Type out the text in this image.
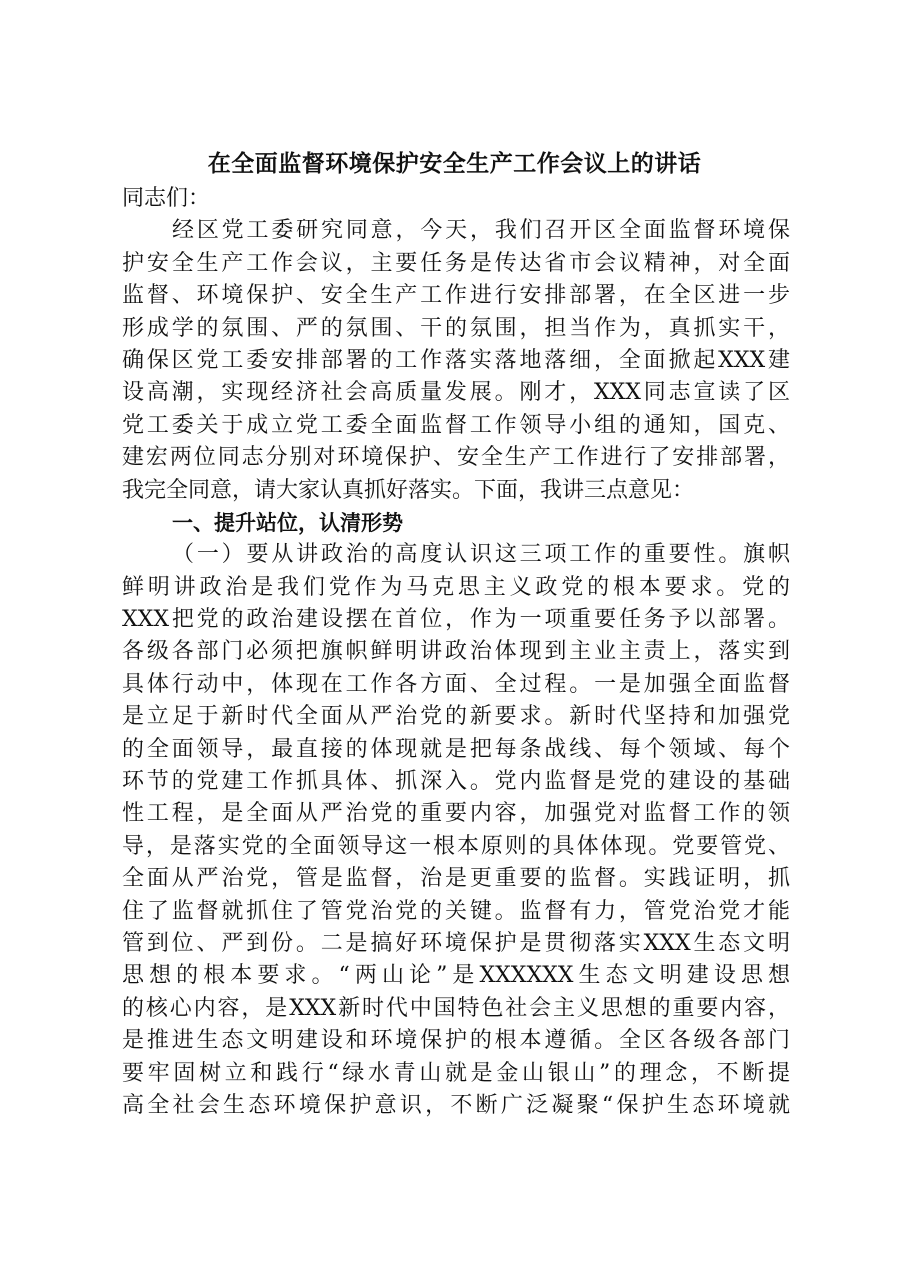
在全面监督环境保护安全生产工作会议上的讲话
同志们：
经区党工委研究同意，今天，我们召开区全面监督环境保
护安全生产工作会议，主要任务是传达省市会议精神，对全面
监督、环境保护、安全生产工作进行安排部署，在全区进一步
形成学的氛围、严的氛围、干的氛围，担当作为，真抓实干，
确保区党工委安排部署的工作落实落地落细，全面掀起XXX建
设高潮，实现经济社会高质量发展。刚才，XXX同志宣读了区
党工委关于成立党工委全面监督工作领导小组的通知，国克、
建宏两位同志分别对环境保护、安全生产工作进行了安排部署，
我完全同意，请大家认真抓好落实。下面，我讲三点意见：
一、提升站位，认清形势
（一）要从讲政治的高度认识这三项工作的重要性。旗帜
鲜明讲政治是我们党作为马克思主义政党的根本要求。党的
XXX把党的政治建设摆在首位，作为一项重要任务予以部署。
各级各部门必须把旗帜鲜明讲政治体现到主业主责上，落实到
具体行动中，体现在工作各方面、全过程。一是加强全面监督
是立足于新时代全面从严治党的新要求。新时代坚持和加强党
的全面领导，最直接的体现就是把每条战线、每个领域、每个
环节的党建工作抓具体、抓深入。党内监督是党的建设的基础
性工程，是全面从严治党的重要内容，加强党对监督工作的领
导，是落实党的全面领导这一根本原则的具体体现。党要管党、
全面从严治党，管是监督，治是更重要的监督。实践证明，抓
住了监督就抓住了管党治党的关键。监督有力，管党治党才能
管到位、严到份。二是搞好环境保护是贯彻落实XXX生态文明
思想的根本要求。“两山论”是XXXXXX生态文明建设思想
的核心内容，是XXX新时代中国特色社会主义思想的重要内容，
是推进生态文明建设和环境保护的根本遵循。全区各级各部门
要牢固树立和践行“绿水青山就是金山银山”的理念，不断提
高全社会生态环境保护意识，不断广泛凝聚“保护生态环境就
